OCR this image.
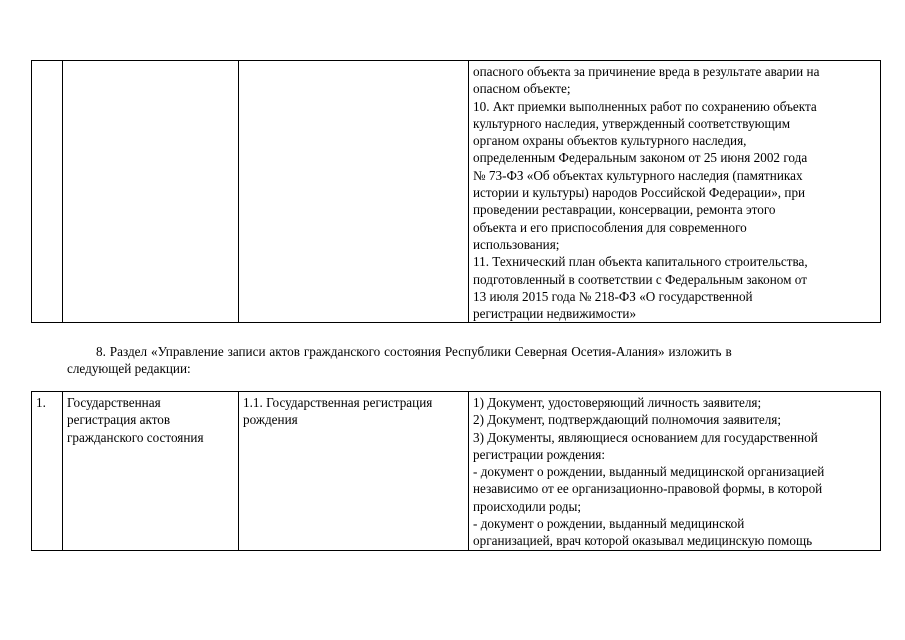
опасного объекта за причинение вреда в результате аварии на
опасном объекте;
10. Акт приемки выполненных работ по сохранению объекта
культурного наследия, утвержденный соответствующим
органом охраны объектов культурного наследия,
определенным Федеральным законом от 25 июня 2002 года
№ 73-ФЗ «Об объектах культурного наследия (памятниках
истории и культуры) народов Российской Федерации», при
проведении реставрации, консервации, ремонта этого
объекта и его приспособления для современного
использования;
11. Технический план объекта капитального строительства,
подготовленный в соответствии с Федеральным законом от
13 июля 2015 года № 218-ФЗ «О государственной
регистрации недвижимости»
8. Раздел «Управление записи актов гражданского состояния Республики Северная Осетия-Алания» изложить в
следующей редакции:
1.	Государственная
регистрация актов
гражданского состояния

1.1. Государственная регистрация
рождения

1) Документ, удостоверяющий личность заявителя;
2) Документ, подтверждающий полномочия заявителя;
3) Документы, являющиеся основанием для государственной
регистрации рождения:
- документ о рождении, выданный медицинской организацией
независимо от ее организационно-правовой формы, в которой
происходили роды;
- документ о рождении, выданный медицинской
организацией, врач которой оказывал медицинскую помощь
